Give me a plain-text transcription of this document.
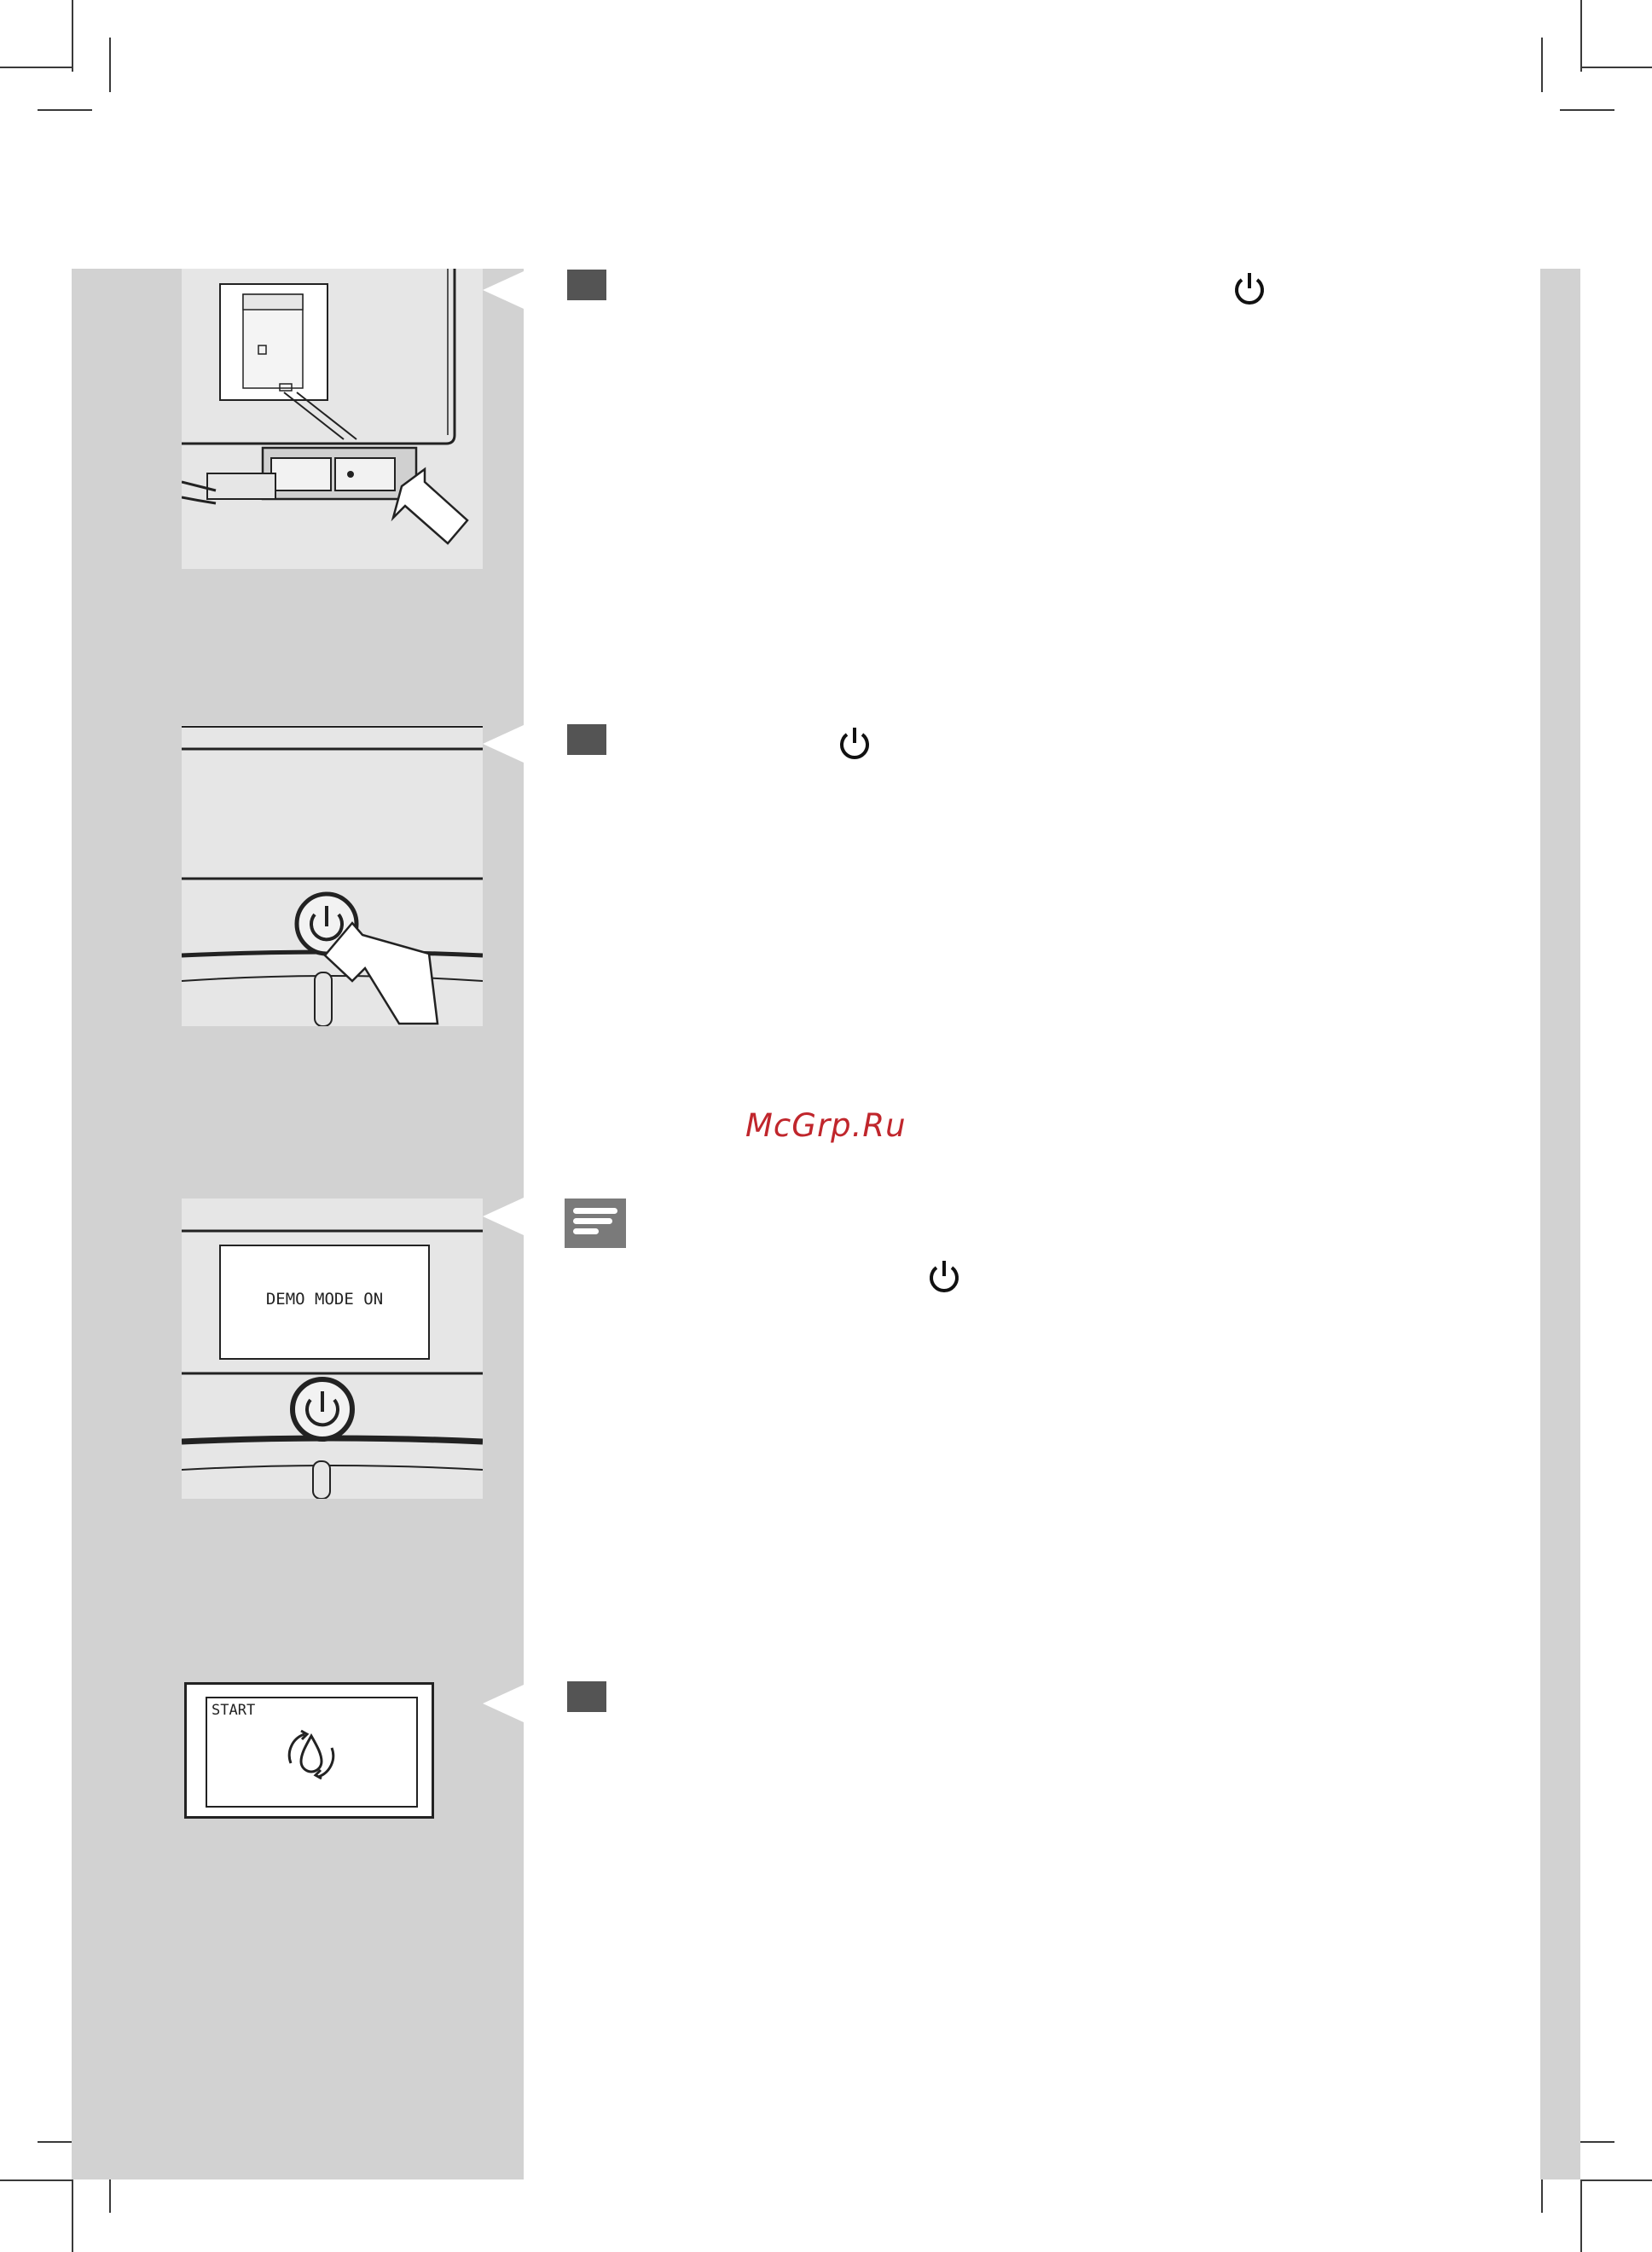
DEMO MODE ON
START
McGrp.Ru
